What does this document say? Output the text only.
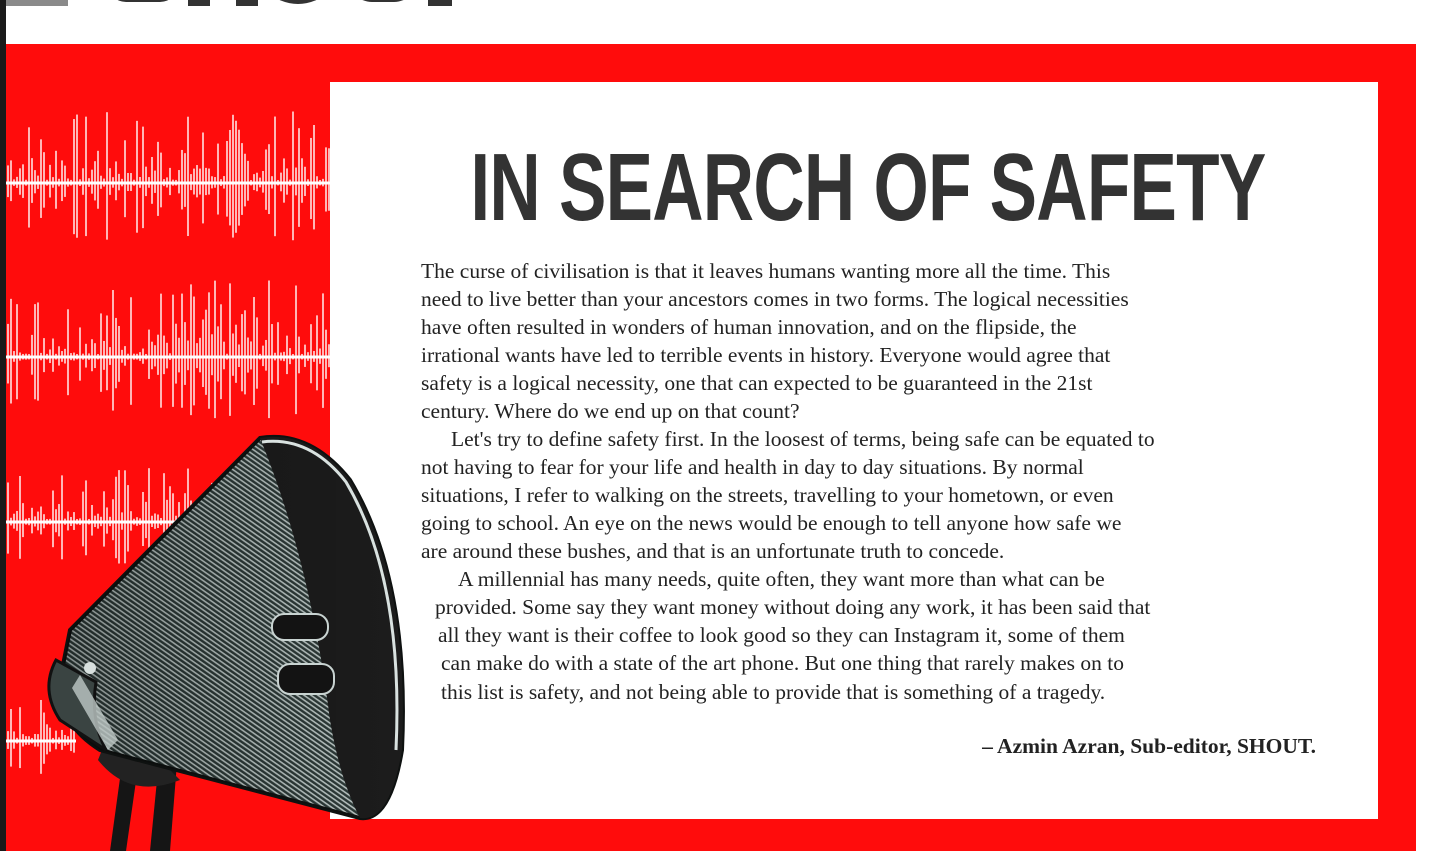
IN SEARCH OF SAFETY

The curse of civilisation is that it leaves humans wanting more all the time. This
need to live better than your ancestors comes in two forms. The logical necessities
have often resulted in wonders of human innovation, and on the flipside, the
irrational wants have led to terrible events in history. Everyone would agree that
safety is a logical necessity, one that can expected to be guaranteed in the 21st
century. Where do we end up on that count?

Let's try to define safety first. In the loosest of terms, being safe can be equated to
not having to fear for your life and health in day to day situations. By normal
situations, I refer to walking on the streets, travelling to your hometown, or even
going to school. An eye on the news would be enough to tell anyone how safe we
are around these bushes, and that is an unfortunate truth to concede.

A millennial has many needs, quite often, they want more than what can be
provided. Some say they want money without doing any work, it has been said that
all they want is their coffee to look good so they can Instagram it, some of them
can make do with a state of the art phone. But one thing that rarely makes on to
this list is safety, and not being able to provide that is something of a tragedy.

– Azmin Azran, Sub-editor, SHOUT.
